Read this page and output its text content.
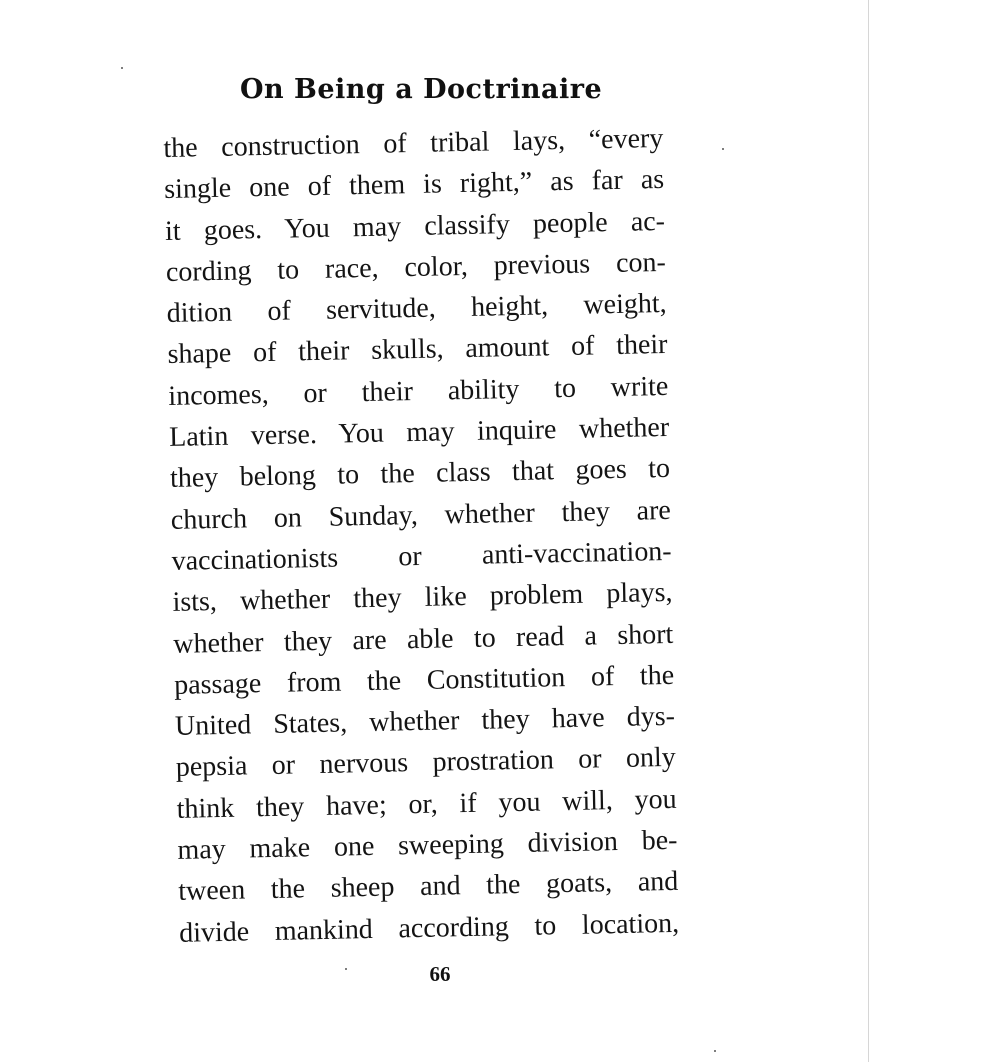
On Being a Doctrinaire
the construction of tribal lays, “every
single one of them is right,” as far as
it goes. You may classify people ac-
cording to race, color, previous con-
dition of servitude, height, weight,
shape of their skulls, amount of their
incomes, or their ability to write
Latin verse. You may inquire whether
they belong to the class that goes to
church on Sunday, whether they are
vaccinationists or anti-vaccination-
ists, whether they like problem plays,
whether they are able to read a short
passage from the Constitution of the
United States, whether they have dys-
pepsia or nervous prostration or only
think they have; or, if you will, you
may make one sweeping division be-
tween the sheep and the goats, and
divide mankind according to location,
66
